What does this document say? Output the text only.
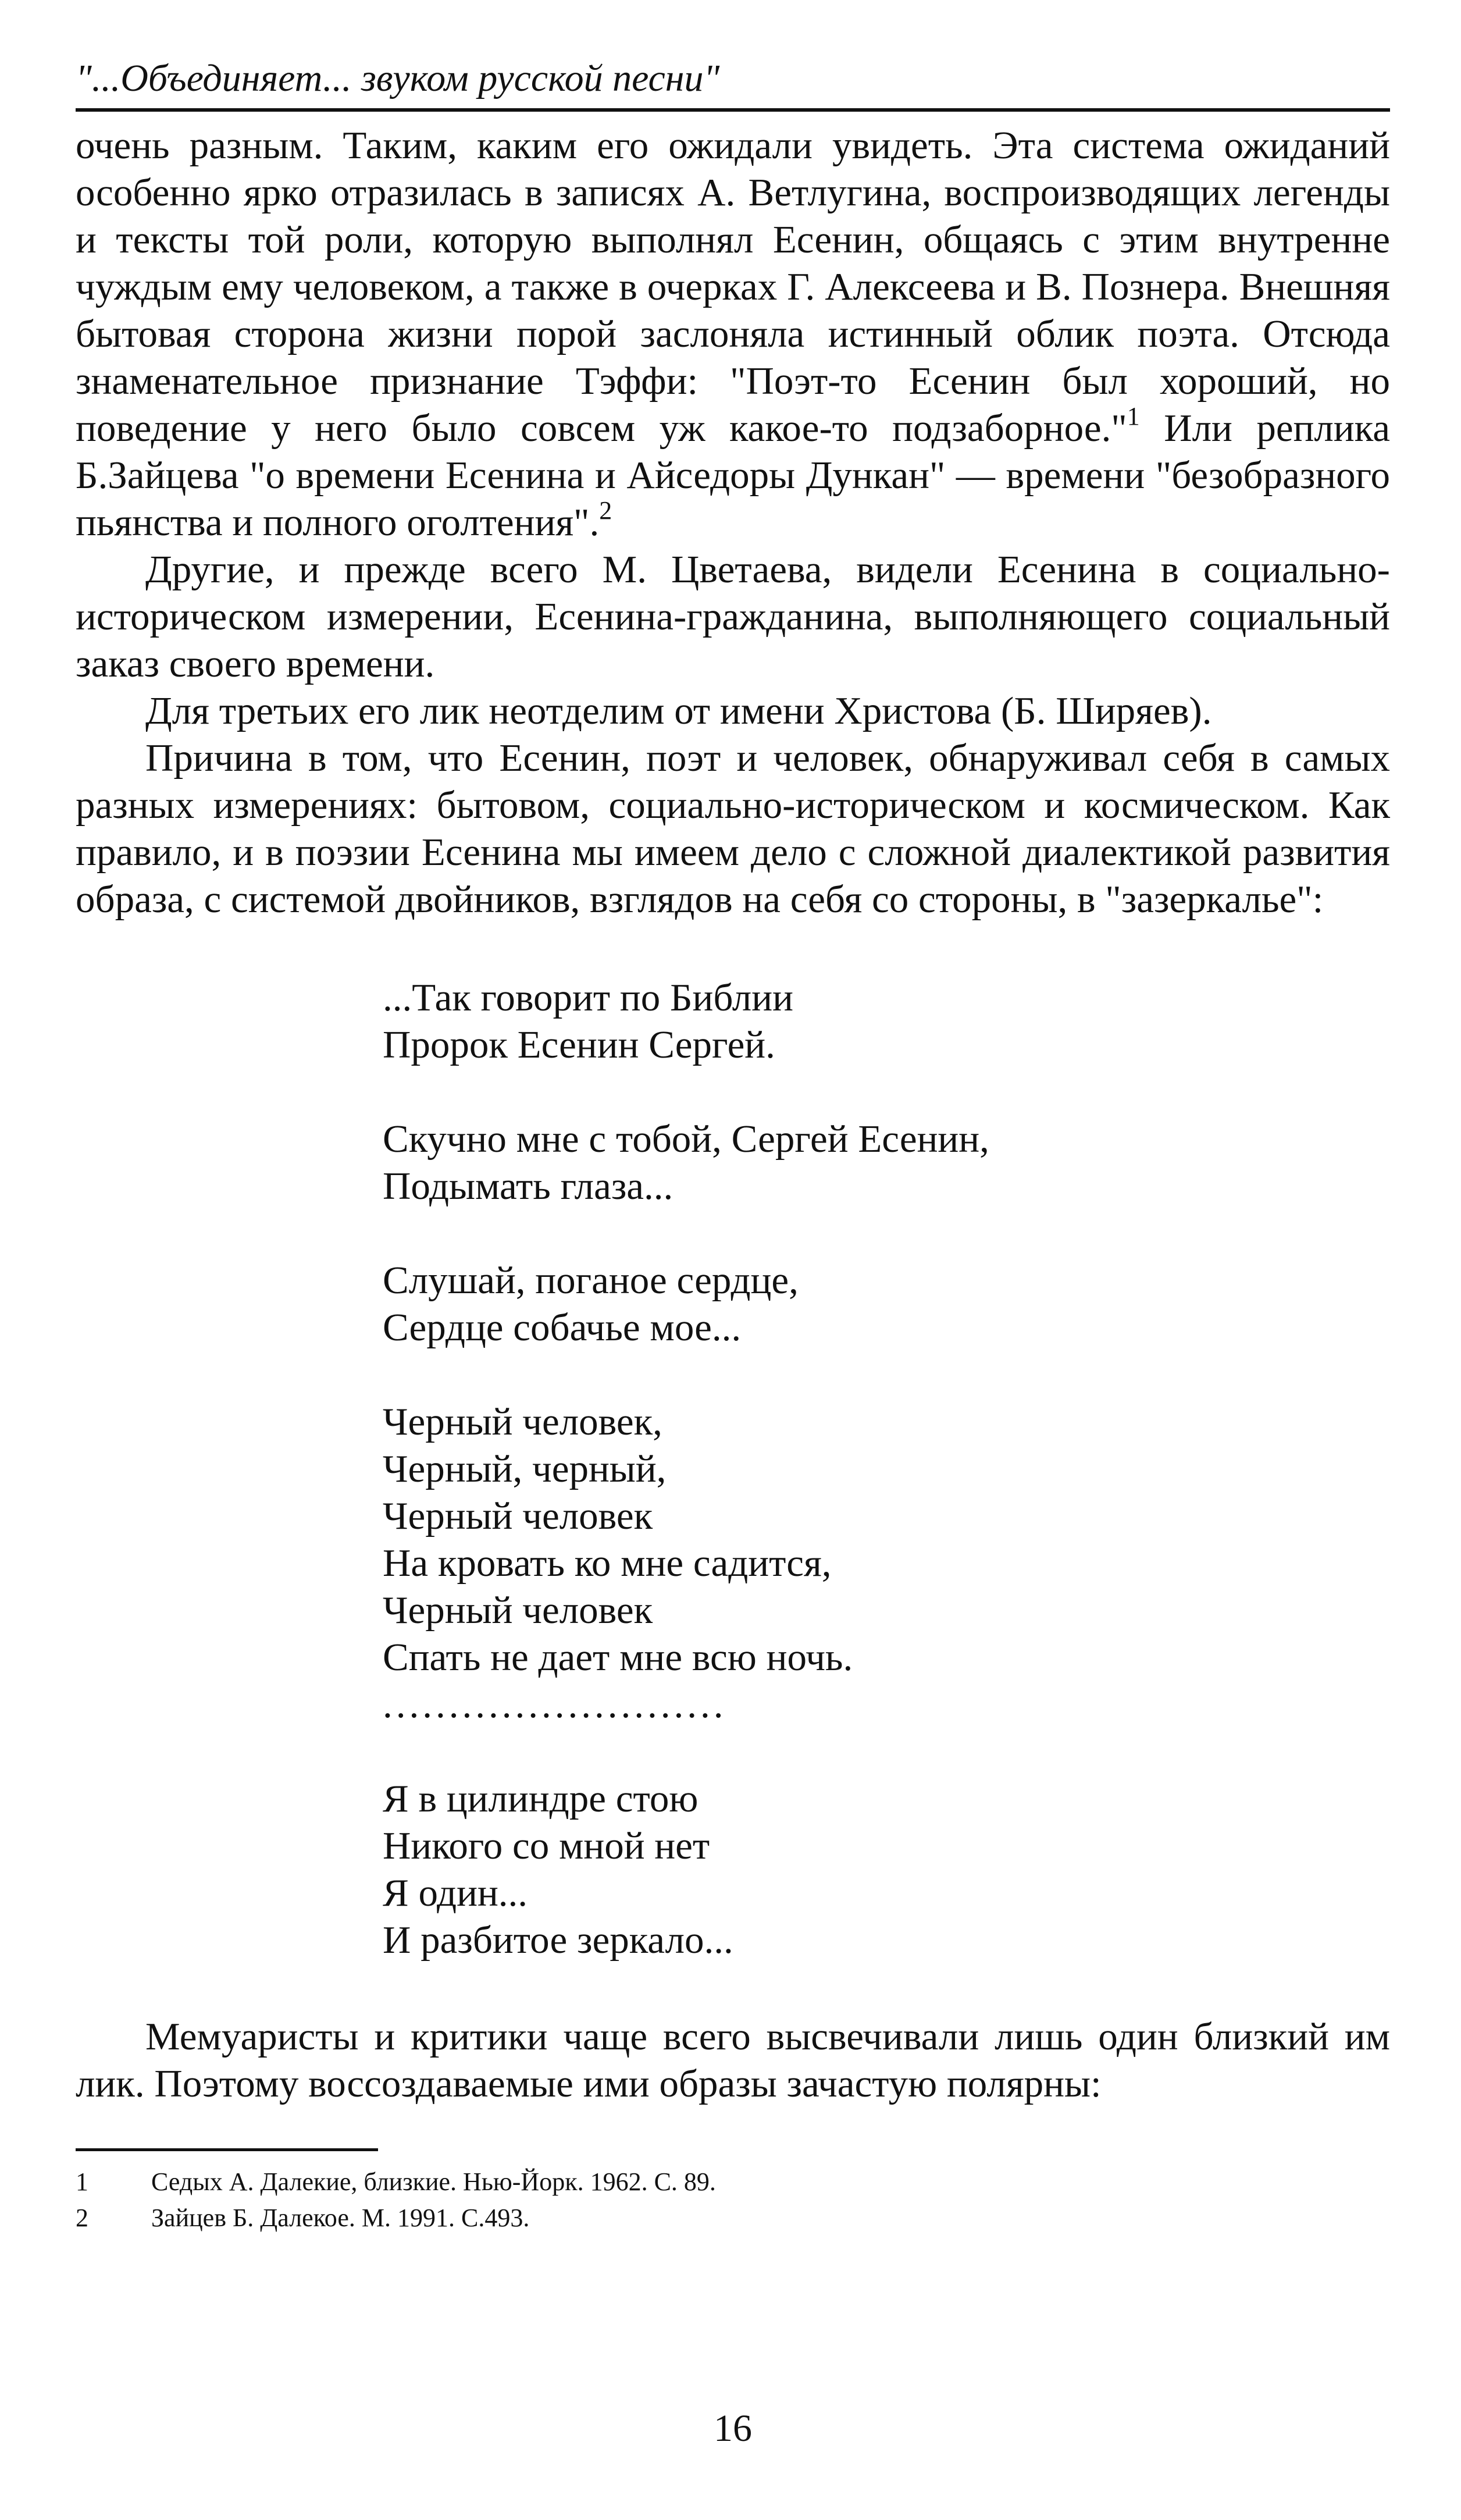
"...Объединяет... звуком русской песни"

очень разным. Таким, каким его ожидали увидеть. Эта система ожиданий особенно ярко отразилась в записях А. Ветлугина, воспроизводящих легенды и тексты той роли, которую выполнял Есенин, общаясь с этим внутренне чуждым ему человеком, а также в очерках Г. Алексеева и В. Познера. Внешняя бытовая сторона жизни порой заслоняла истинный облик поэта. Отсюда знаменательное признание Тэффи: "Поэт-то Есенин был хороший, но поведение у него было совсем уж какое-то подзаборное."$^1$ Или реплика Б.Зайцева "о времени Есенина и Айседоры Дункан" — времени "безобразного пьянства и полного оголтения".$^2$

Другие, и прежде всего М. Цветаева, видели Есенина в социально-историческом измерении, Есенина-гражданина, выполняющего социальный заказ своего времени.

Для третьих его лик неотделим от имени Христова (Б. Ширяев).

Причина в том, что Есенин, поэт и человек, обнаруживал себя в самых разных измерениях: бытовом, социально-историческом и космическом. Как правило, и в поэзии Есенина мы имеем дело с сложной диалектикой развития образа, с системой двойников, взглядов на себя со стороны, в "зазеркалье":

...Так говорит по Библии
Пророк Есенин Сергей.
Скучно мне с тобой, Сергей Есенин,
Подымать глаза...
Слушай, поганое сердце,
Сердце собачье мое...
Черный человек,
Черный, черный,
Черный человек
На кровать ко мне садится,
Черный человек
Спать не дает мне всю ночь.
..........................
Я в цилиндре стою
Никого со мной нет
Я один...
И разбитое зеркало...

Мемуаристы и критики чаще всего высвечивали лишь один близкий им лик. Поэтому воссоздаваемые ими образы зачастую полярны:

1	Седых А. Далекие, близкие. Нью-Йорк. 1962. С. 89.
2	Зайцев Б. Далекое. М. 1991. С.493.
16
